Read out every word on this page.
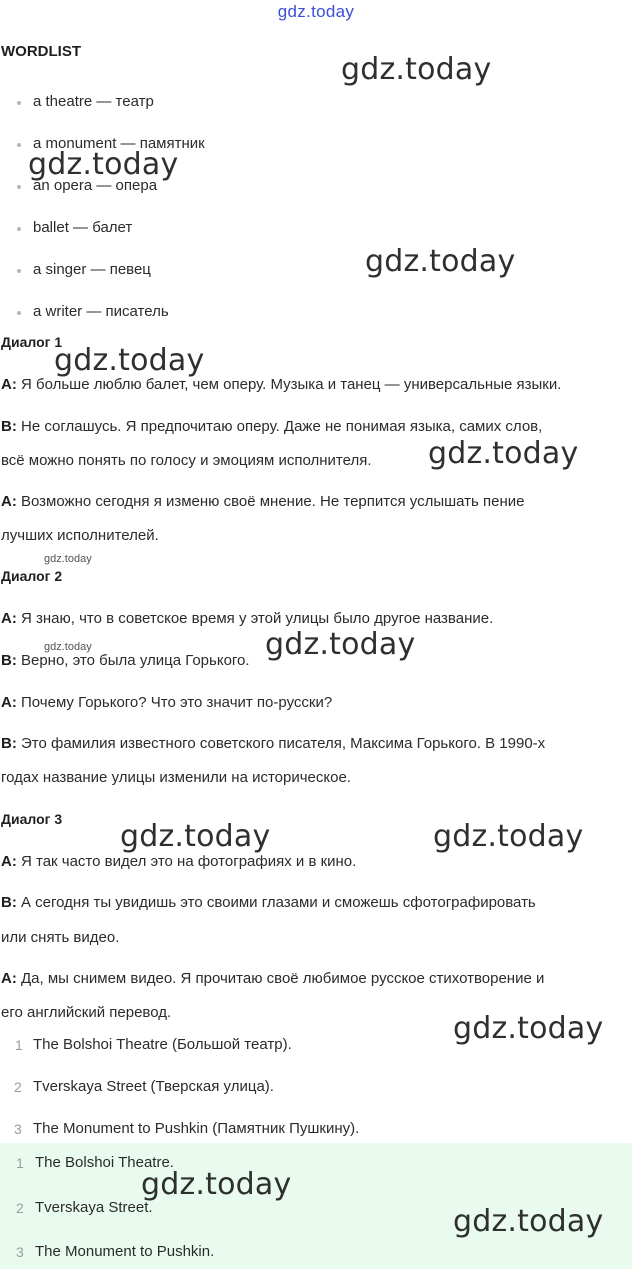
gdz.today
WORDLIST
a theatre — театр
a monument — памятник
an opera — опера
ballet — балет
a singer — певец
a writer — писатель
Диалог 1
A: Я больше люблю балет, чем оперу. Музыка и танец — универсальные языки.
B: Не соглашусь. Я предпочитаю оперу. Даже не понимая языка, самих слов,
всё можно понять по голосу и эмоциям исполнителя.
A: Возможно сегодня я изменю своё мнение. Не терпится услышать пение
лучших исполнителей.
Диалог 2
A: Я знаю, что в советское время у этой улицы было другое название.
B: Верно, это была улица Горького.
A: Почему Горького? Что это значит по-русски?
B: Это фамилия известного советского писателя, Максима Горького. В 1990-х
годах название улицы изменили на историческое.
Диалог 3
A: Я так часто видел это на фотографиях и в кино.
B: А сегодня ты увидишь это своими глазами и сможешь сфотографировать
или снять видео.
A: Да, мы снимем видео. Я прочитаю своё любимое русское стихотворение и
его английский перевод.
1 The Bolshoi Theatre (Большой театр).
2 Tverskaya Street (Тверская улица).
3 The Monument to Pushkin (Памятник Пушкину).
1 The Bolshoi Theatre.
2 Tverskaya Street.
3 The Monument to Pushkin.
gdz.today
gdz.today
gdz.today
gdz.today
gdz.today
gdz.today
gdz.today	gdz.today
gdz.today	gdz.today
gdz.today
gdz.today
gdz.today
